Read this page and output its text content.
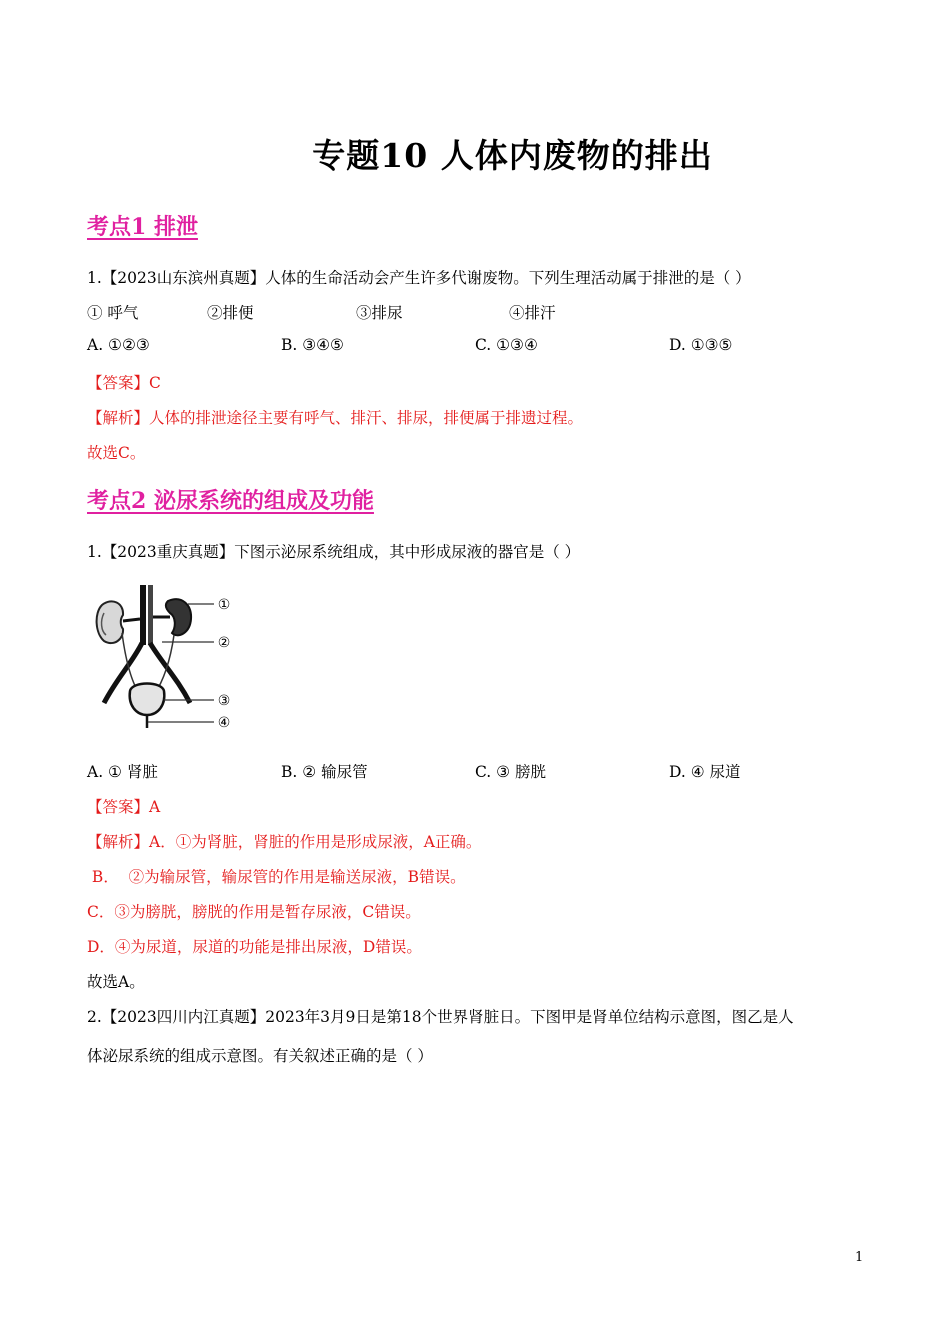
专题10 人体内废物的排出
考点1 排泄
1.【2023山东滨州真题】人体的生命活动会产生许多代谢废物。下列生理活动属于排泄的是（ ）
① 呼气	②排便	③排尿	④排汗
A. ①②③	B. ③④⑤	C. ①③④	D. ①③⑤
【答案】C
【解析】人体的排泄途径主要有呼气、排汗、排尿，排便属于排遗过程。
故选C。
考点2 泌尿系统的组成及功能
1.【2023重庆真题】下图示泌尿系统组成，其中形成尿液的器官是（ ）
①
②
③
④
A. ① 肾脏	B. ② 输尿管	C. ③ 膀胱	D. ④ 尿道
【答案】A
【解析】A．①为肾脏，肾脏的作用是形成尿液，A正确。
B．  ②为输尿管，输尿管的作用是输送尿液，B错误。
C．③为膀胱，膀胱的作用是暂存尿液，C错误。
D．④为尿道，尿道的功能是排出尿液，D错误。
故选A。
2.【2023四川内江真题】2023年3月9日是第18个世界肾脏日。下图甲是肾单位结构示意图，图乙是人
体泌尿系统的组成示意图。有关叙述正确的是（ ）
1
